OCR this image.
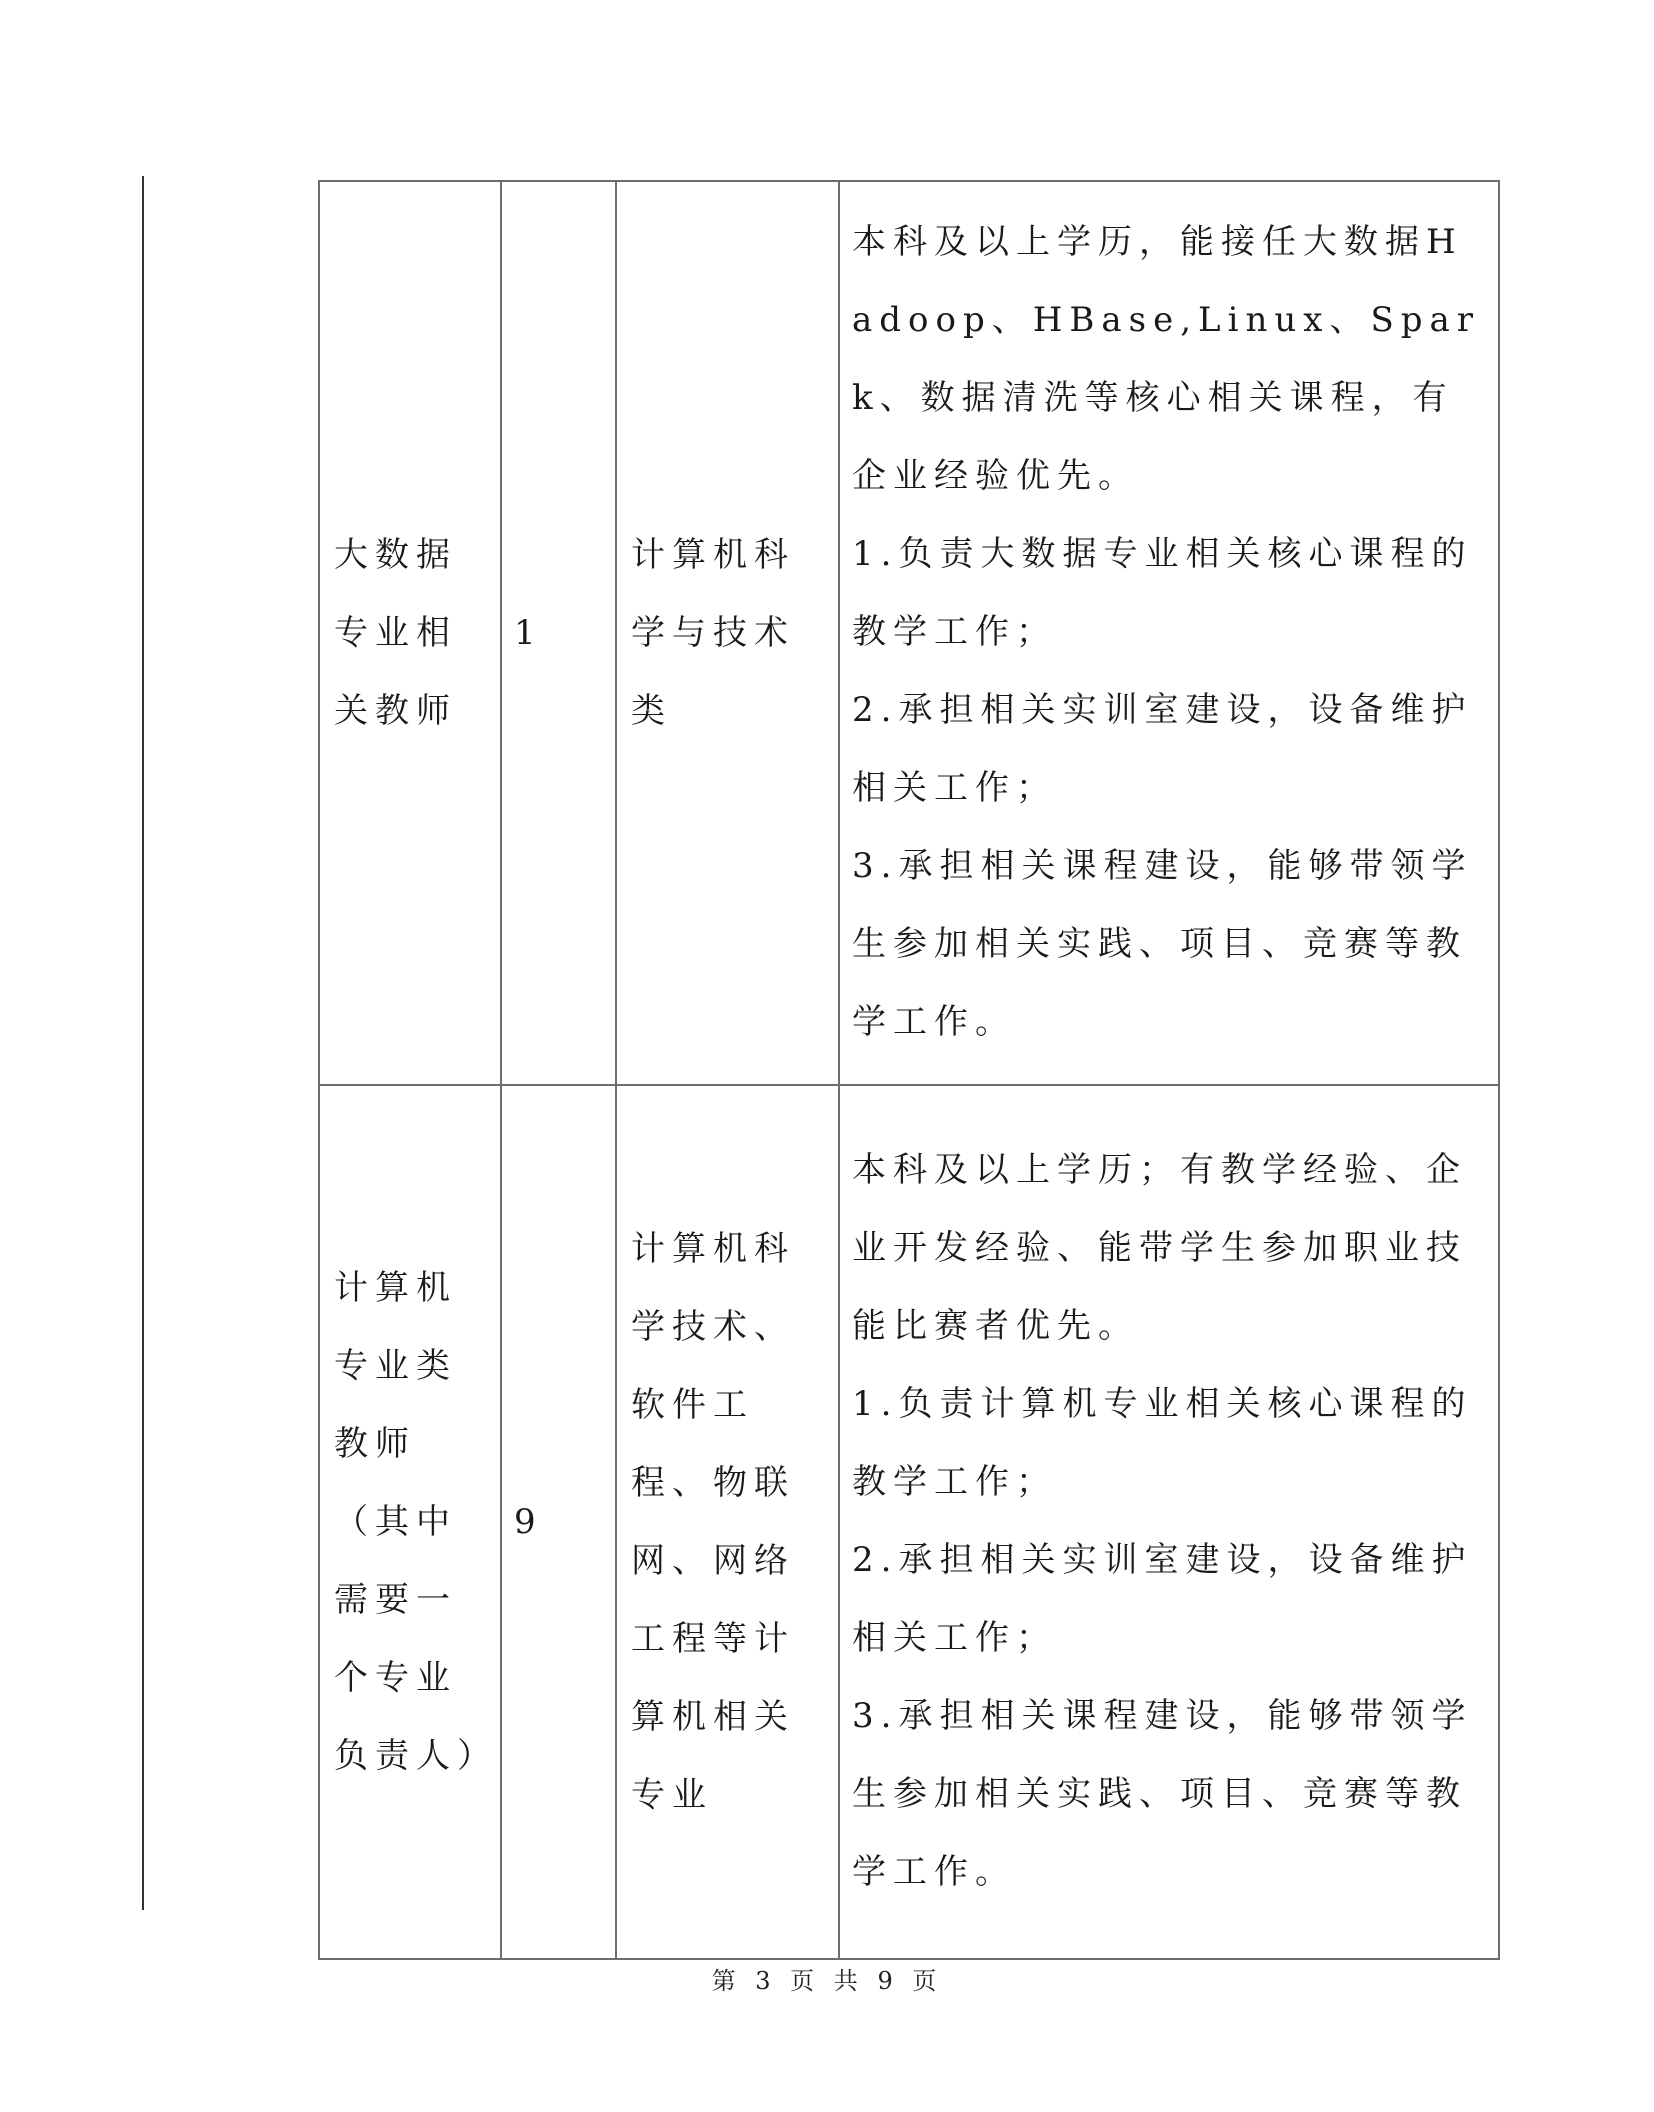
大数据专业相关教师	1	计算机科学与技术类	本科及以上学历，能接任大数据Hadoop、HBase,Linux、Spark、数据清洗等核心相关课程，有企业经验优先。

1.负责大数据专业相关核心课程的教学工作；

2.承担相关实训室建设，设备维护相关工作；

3.承担相关课程建设，能够带领学生参加相关实践、项目、竞赛等教学工作。

计算机专业类教师（其中需要一个专业负责人）	9	计算机科学技术、软件工程、物联网、网络工程等计算机相关专业	本科及以上学历；有教学经验、企业开发经验、能带学生参加职业技能比赛者优先。

1.负责计算机专业相关核心课程的教学工作；

2.承担相关实训室建设，设备维护相关工作；

3.承担相关课程建设，能够带领学生参加相关实践、项目、竞赛等教学工作。

第 3 页 共 9 页
